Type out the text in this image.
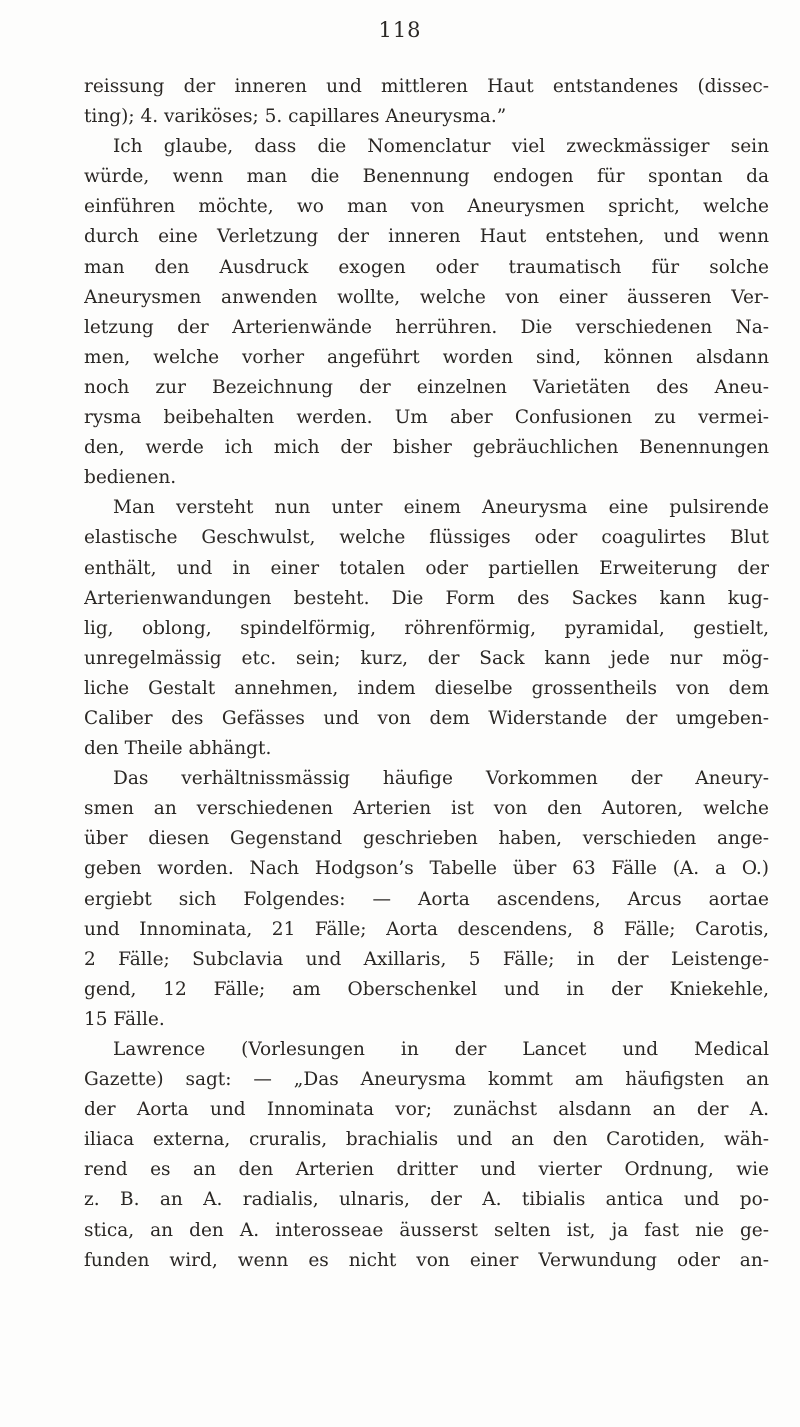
118
reissung der inneren und mittleren Haut entstandenes (dissec-
ting); 4. variköses; 5. capillares Aneurysma.”
Ich glaube, dass die Nomenclatur viel zweckmässiger sein
würde, wenn man die Benennung endogen für spontan da
einführen möchte, wo man von Aneurysmen spricht, welche
durch eine Verletzung der inneren Haut entstehen, und wenn
man den Ausdruck exogen oder traumatisch für solche
Aneurysmen anwenden wollte, welche von einer äusseren Ver-
letzung der Arterienwände herrühren. Die verschiedenen Na-
men, welche vorher angeführt worden sind, können alsdann
noch zur Bezeichnung der einzelnen Varietäten des Aneu-
rysma beibehalten werden. Um aber Confusionen zu vermei-
den, werde ich mich der bisher gebräuchlichen Benennungen
bedienen.
Man versteht nun unter einem Aneurysma eine pulsirende
elastische Geschwulst, welche flüssiges oder coagulirtes Blut
enthält, und in einer totalen oder partiellen Erweiterung der
Arterienwandungen besteht. Die Form des Sackes kann kug-
lig, oblong, spindelförmig, röhrenförmig, pyramidal, gestielt,
unregelmässig etc. sein; kurz, der Sack kann jede nur mög-
liche Gestalt annehmen, indem dieselbe grossentheils von dem
Caliber des Gefässes und von dem Widerstande der umgeben-
den Theile abhängt.
Das verhältnissmässig häufige Vorkommen der Aneury-
smen an verschiedenen Arterien ist von den Autoren, welche
über diesen Gegenstand geschrieben haben, verschieden ange-
geben worden. Nach Hodgson’s Tabelle über 63 Fälle (A. a O.)
ergiebt sich Folgendes: — Aorta ascendens, Arcus aortae
und Innominata, 21 Fälle; Aorta descendens, 8 Fälle; Carotis,
2 Fälle; Subclavia und Axillaris, 5 Fälle; in der Leistenge-
gend, 12 Fälle; am Oberschenkel und in der Kniekehle,
15 Fälle.
Lawrence (Vorlesungen in der Lancet und Medical
Gazette) sagt: — „Das Aneurysma kommt am häufigsten an
der Aorta und Innominata vor; zunächst alsdann an der A.
iliaca externa, cruralis, brachialis und an den Carotiden, wäh-
rend es an den Arterien dritter und vierter Ordnung, wie
z. B. an A. radialis, ulnaris, der A. tibialis antica und po-
stica, an den A. interosseae äusserst selten ist, ja fast nie ge-
funden wird, wenn es nicht von einer Verwundung oder an-
